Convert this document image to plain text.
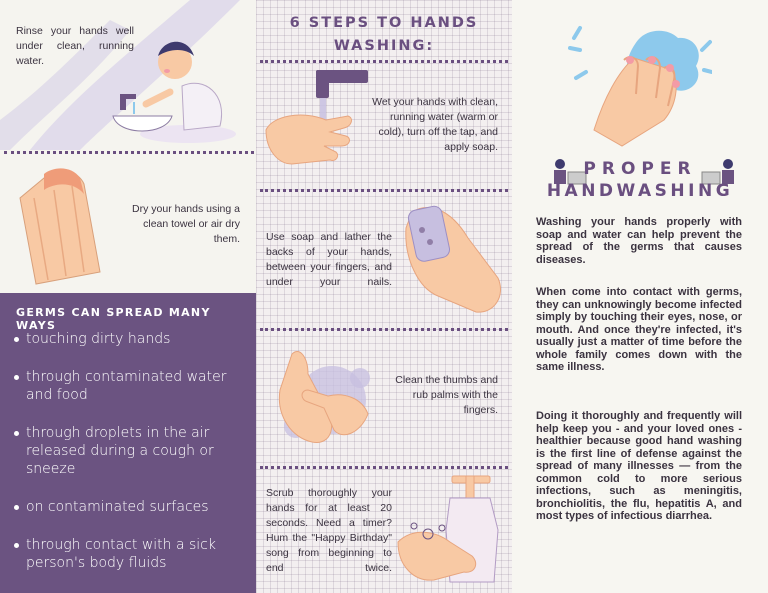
Rinse your hands well under clean, running water.
Dry your hands using a clean towel or air dry them.
GERMS CAN SPREAD MANY WAYS
touching dirty hands
through contaminated water and food
through droplets in the air released during a cough or sneeze
on contaminated surfaces
through contact with a sick person's body fluids
6 STEPS TO HANDS
WASHING:
Wet your hands with clean, running water (warm or cold), turn off the tap, and apply soap.
Use soap and lather the backs of your hands, between your fingers, and under your nails.
Clean the thumbs and rub palms with the fingers.
Scrub thoroughly your hands for at least 20 seconds. Need a timer? Hum the "Happy Birthday" song from beginning to end twice.
PROPER
HANDWASHING
Washing your hands properly with soap and water can help prevent the spread of the germs that causes diseases.
When come into contact with germs, they can unknowingly become infected simply by touching their eyes, nose, or mouth. And once they're infected, it's usually just a matter of time before the whole family comes down with the same illness.
Doing it thoroughly and frequently will help keep you - and your loved ones - healthier because good hand washing is the first line of defense against the spread of many illnesses — from the common cold to more serious infections, such as meningitis, bronchiolitis, the flu, hepatitis A, and most types of infectious diarrhea.
